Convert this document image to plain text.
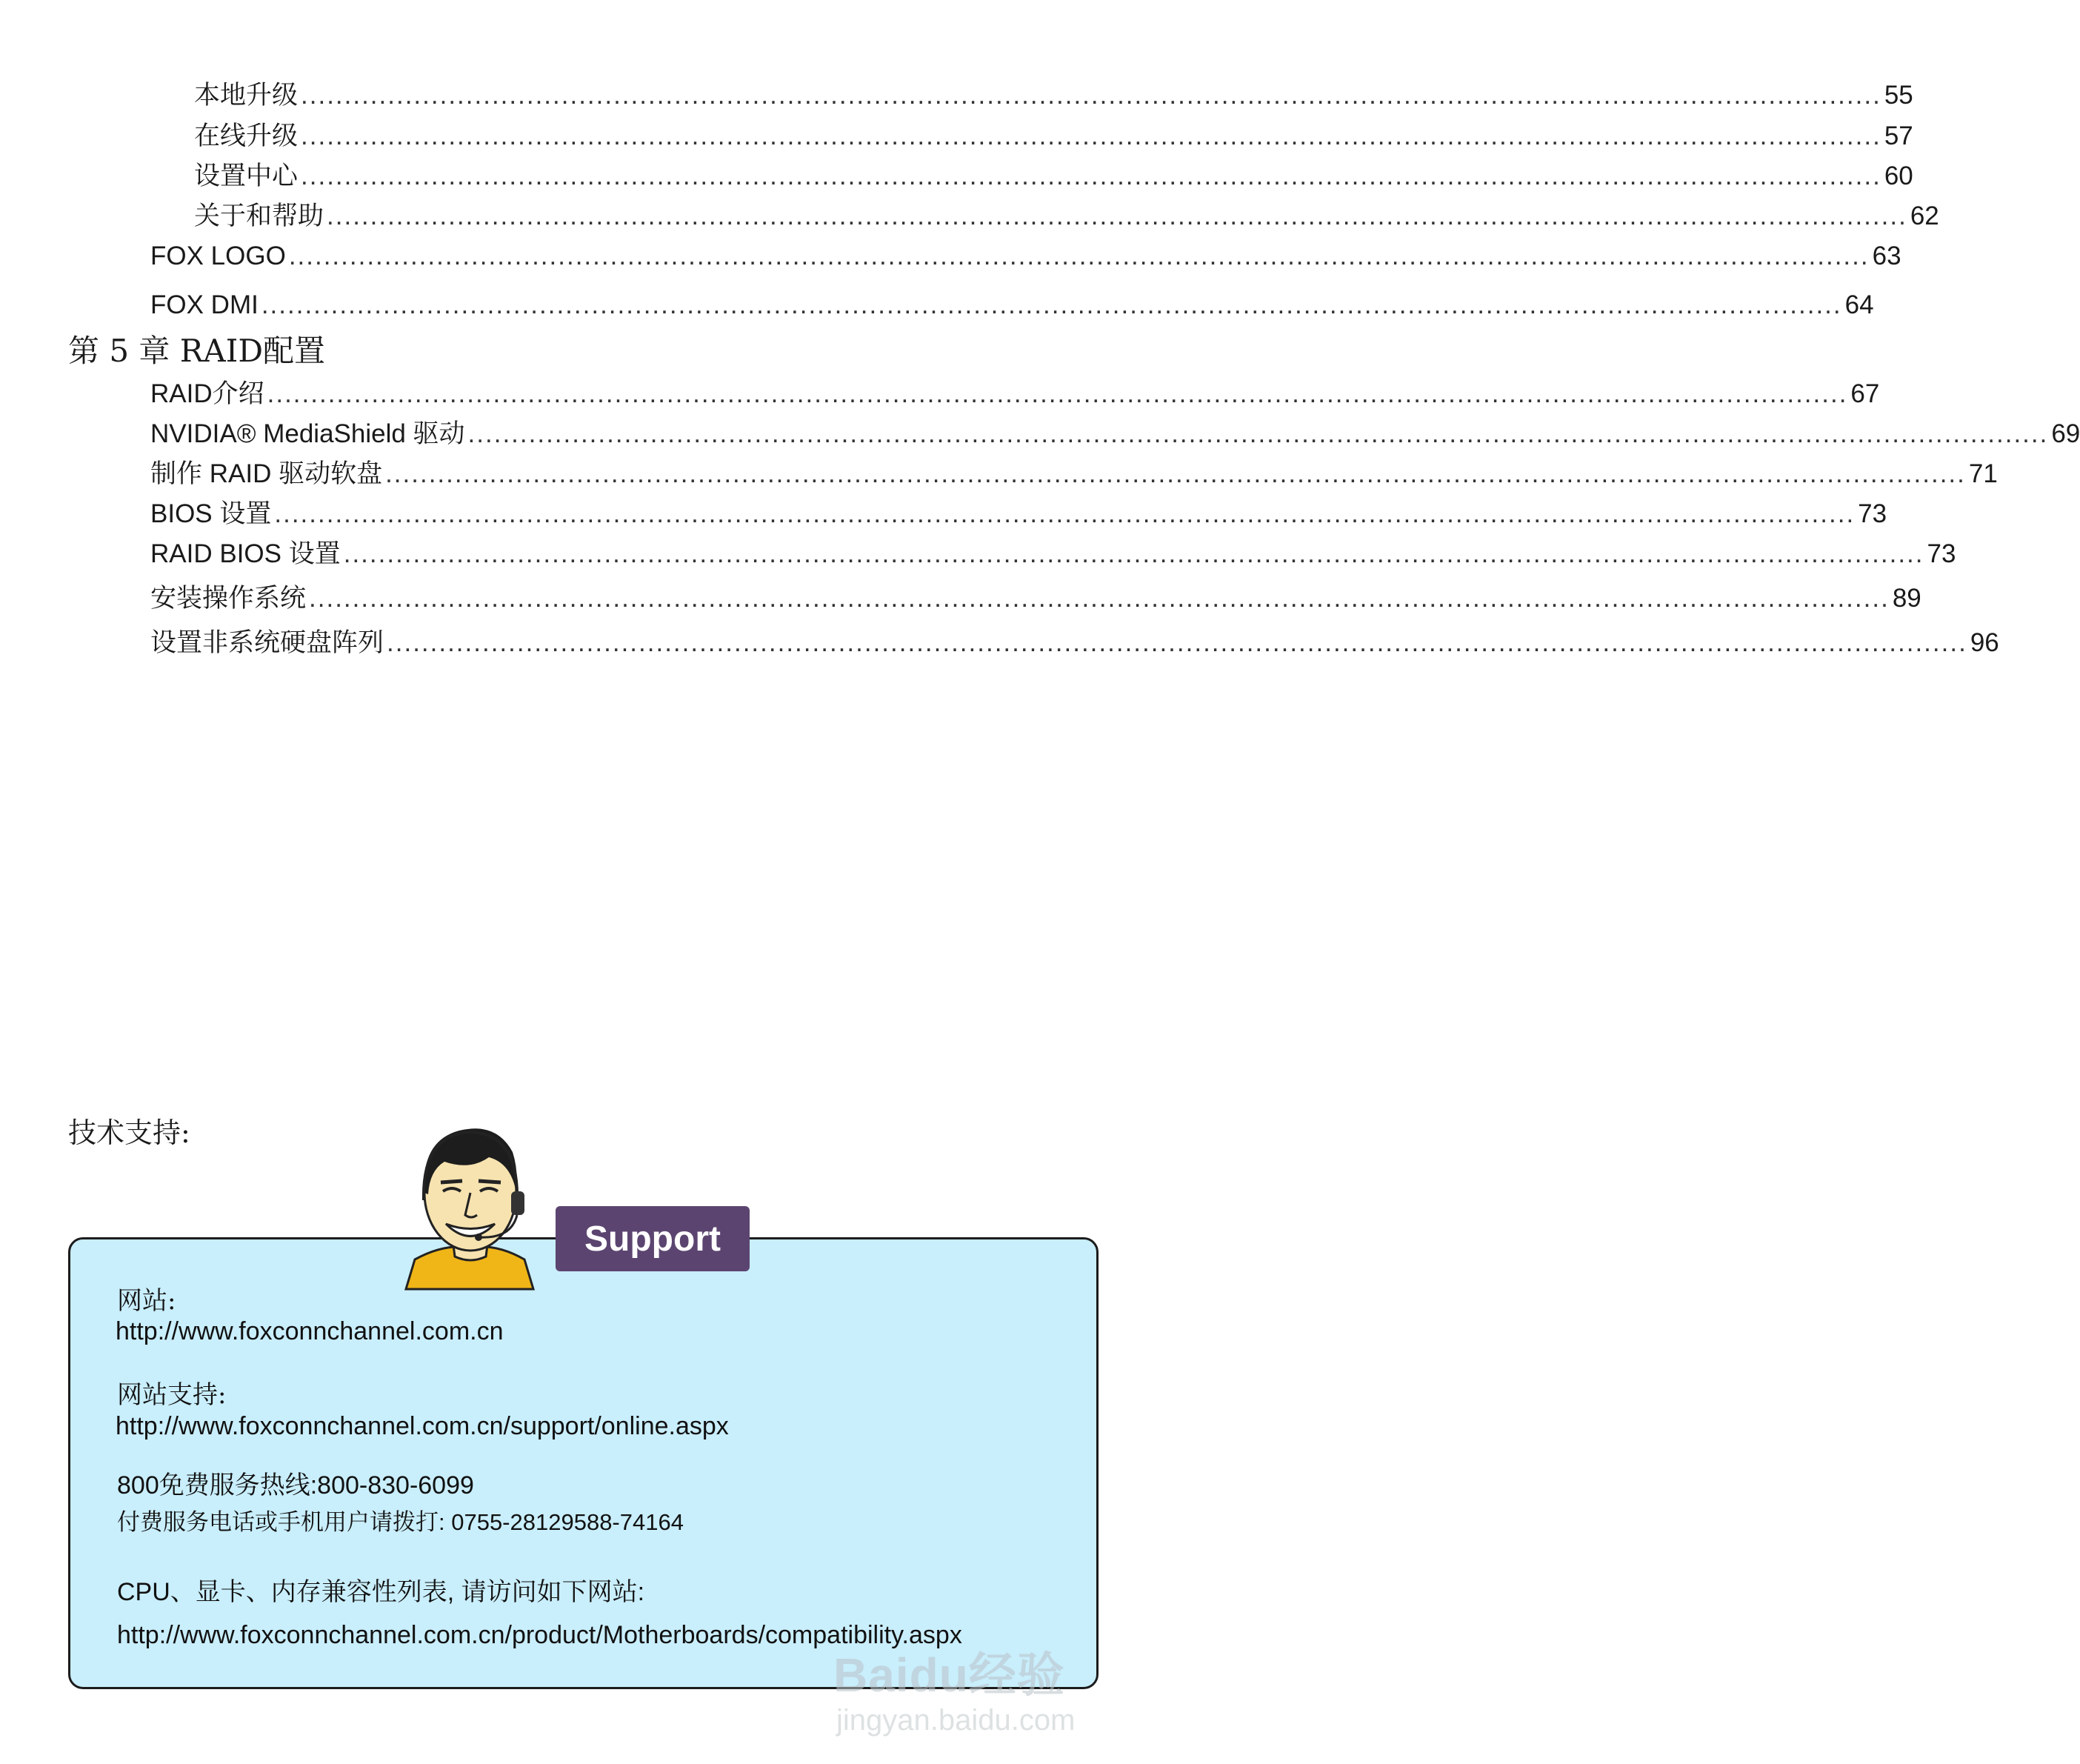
本地升级 ...................................................................................................................................................................................... 55
在线升级 ...................................................................................................................................................................................... 57
设置中心 ...................................................................................................................................................................................... 60
关于和帮助 ...................................................................................................................................................................................... 62
FOX LOGO ...................................................................................................................................................................................... 63
FOX DMI ...................................................................................................................................................................................... 64
第 5 章 RAID配置
RAID介绍 ...................................................................................................................................................................................... 67
NVIDIA® MediaShield 驱动 ...................................................................................................................................................................................... 69
制作 RAID 驱动软盘 ...................................................................................................................................................................................... 71
BIOS 设置 ...................................................................................................................................................................................... 73
RAID BIOS 设置 ...................................................................................................................................................................................... 73
安装操作系统 ...................................................................................................................................................................................... 89
设置非系统硬盘阵列 ...................................................................................................................................................................................... 96
技术支持:
Support
网站:
http://www.foxconnchannel.com.cn
网站支持:
http://www.foxconnchannel.com.cn/support/online.aspx
800免费服务热线:800-830-6099
付费服务电话或手机用户请拨打: 0755-28129588-74164
CPU、显卡、内存兼容性列表, 请访问如下网站:
http://www.foxconnchannel.com.cn/product/Motherboards/compatibility.aspx
Baidu经验
jingyan.baidu.com
